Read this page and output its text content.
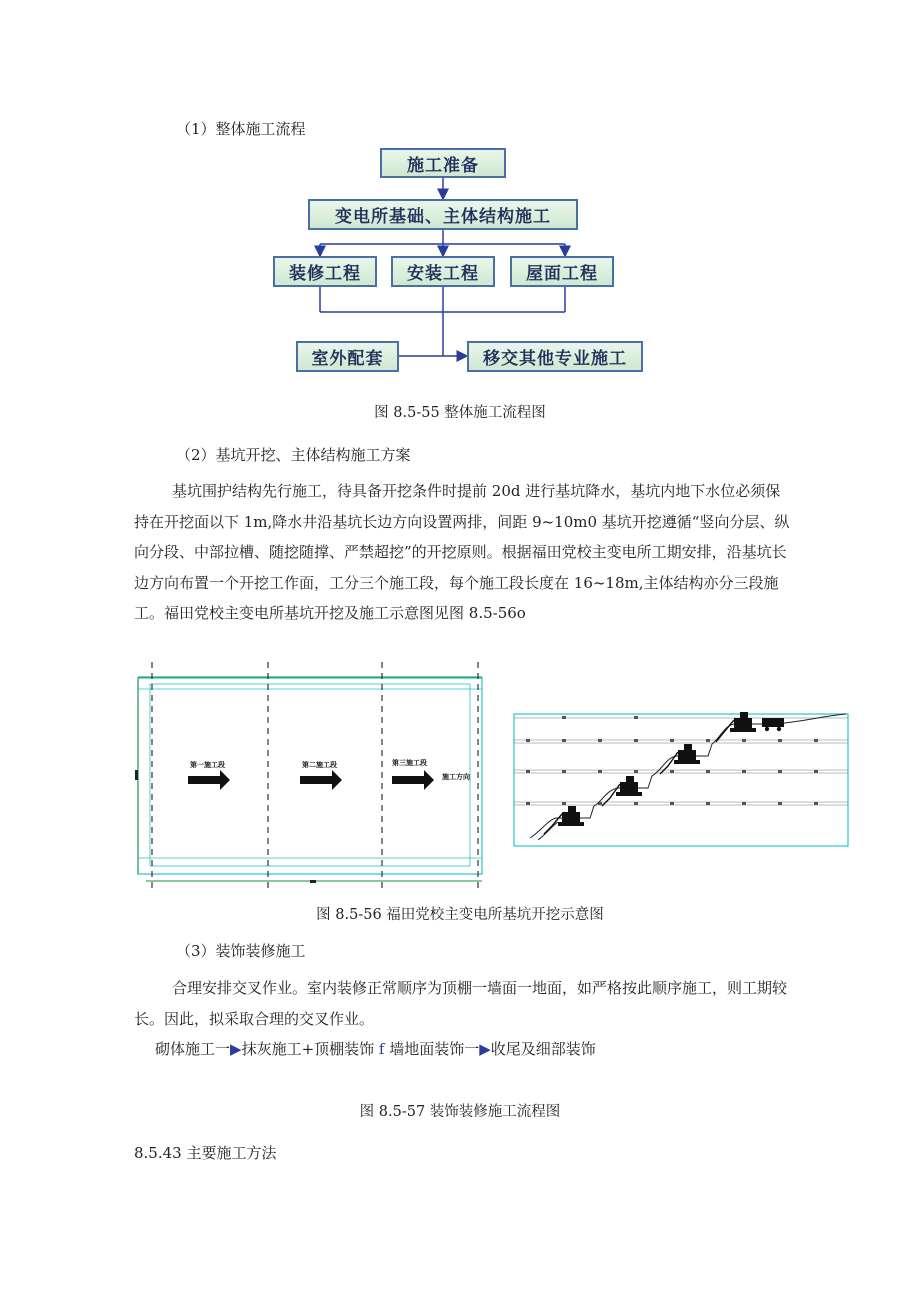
（1）整体施工流程
施工准备
变电所基础、主体结构施工
装修工程	安装工程	屋面工程
室外配套	移交其他专业施工
图 8.5-55 整体施工流程图
（2）基坑开挖、主体结构施工方案
基坑围护结构先行施工，待具备开挖条件时提前 20d 进行基坑降水，基坑内地下水位必须保持在开挖面以下 1m,降水井沿基坑长边方向设置两排，间距 9~10m0 基坑开挖遵循“竖向分层、纵向分段、中部拉槽、随挖随撑、严禁超挖”的开挖原则。根据福田党校主变电所工期安排，沿基坑长边方向布置一个开挖工作面，工分三个施工段，每个施工段长度在 16~18m,主体结构亦分三段施工。福田党校主变电所基坑开挖及施工示意图见图 8.5-56o
第一施工段	第二施工段	第三施工段
施工方向
图 8.5-56 福田党校主变电所基坑开挖示意图
（3）装饰装修施工
合理安排交叉作业。室内装修正常顺序为顶棚一墙面一地面，如严格按此顺序施工，则工期较长。因此，拟采取合理的交叉作业。
砌体施工一▶抹灰施工+顶棚装饰 f 墙地面装饰一▶收尾及细部装饰
图 8.5-57 装饰装修施工流程图
8.5.43 主要施工方法
